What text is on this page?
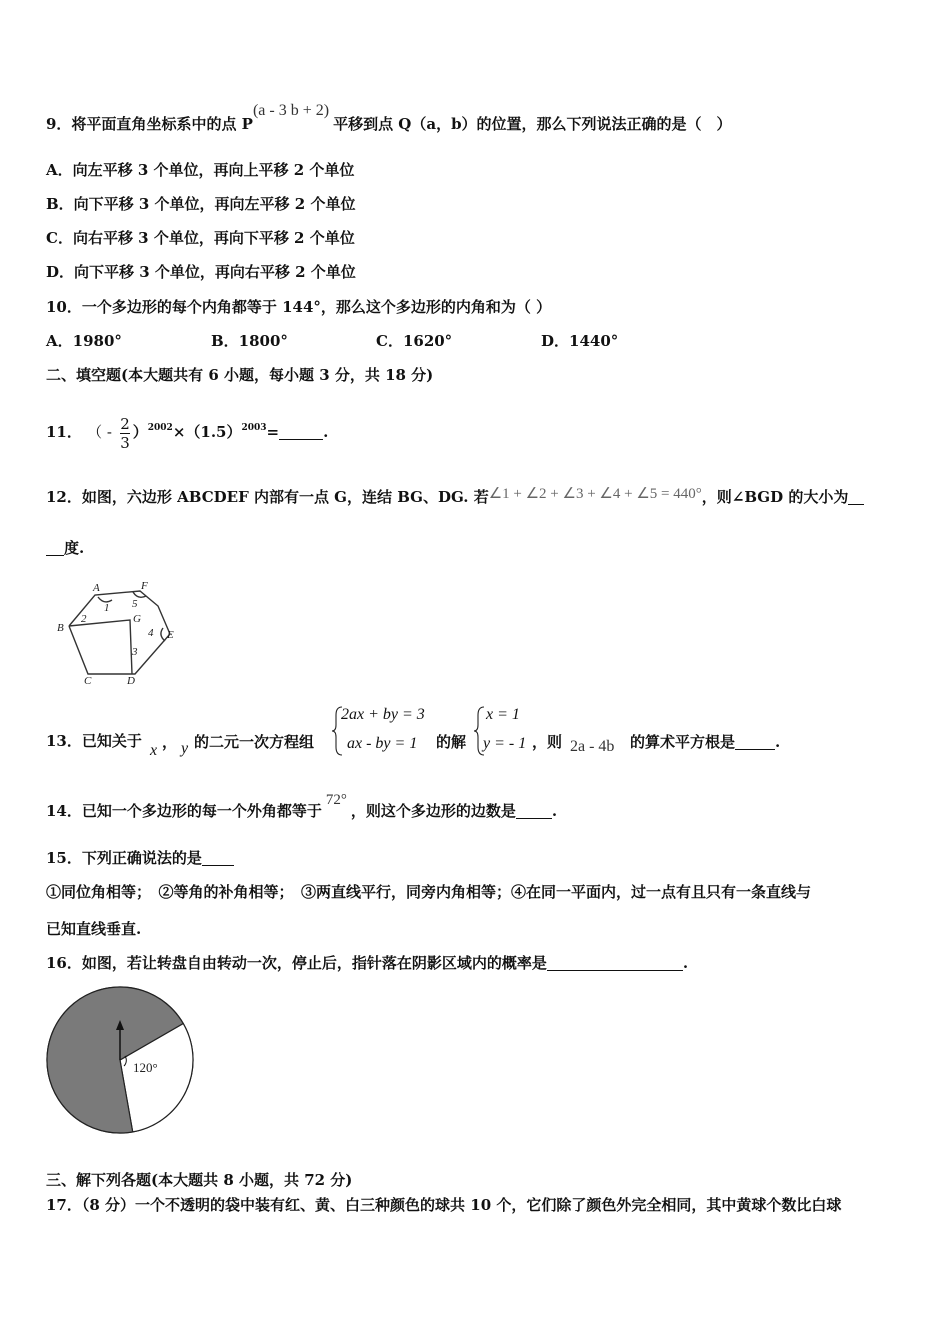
9．将平面直角坐标系中的点 P(a - 3 b + 2)平移到点 Q（a，b）的位置，那么下列说法正确的是（　）
A．向左平移 3 个单位，再向上平移 2 个单位
B．向下平移 3 个单位，再向左平移 2 个单位
C．向右平移 3 个单位，再向下平移 2 个单位
D．向下平移 3 个单位，再向右平移 2 个单位
10．一个多边形的每个内角都等于 144°，那么这个多边形的内角和为（ ）
A．1980°	B．1800°	C．1620°	D．1440°
二、填空题(本大题共有 6 小题，每小题 3 分，共 18 分)
11． （ - $\frac{2}{3} )^{2002}\times(1.5)^{2003}=$	.
12．如图，六边形 ABCDEF 内部有一点 G，连结 BG、DG. 若∠1 + ∠2 + ∠3 + ∠4 + ∠5 = 440°，则∠BGD 的大小为
度.
A	F
1 5
B
2	G
4 E
3
C	D
13．已知关于
x ， y 的二元一次方程组
2ax + by = 3
ax - by = 1 的解
x = 1
y = - 1 ，则 2a - 4b 的算术平方根是	.
14．已知一个多边形的每一个外角都等于72°，则这个多边形的边数是 .
15．下列正确说法的是
①同位角相等；　②等角的补角相等；　③两直线平行，同旁内角相等；④在同一平面内，过一点有且只有一条直线与
已知直线垂直.
16．如图，若让转盘自由转动一次，停止后，指针落在阴影区域内的概率是	.
120°
三、解下列各题(本大题共 8 小题，共 72 分)
17．（8 分）一个不透明的袋中装有红、黄、白三种颜色的球共 10 个，它们除了颜色外完全相同，其中黄球个数比白球
